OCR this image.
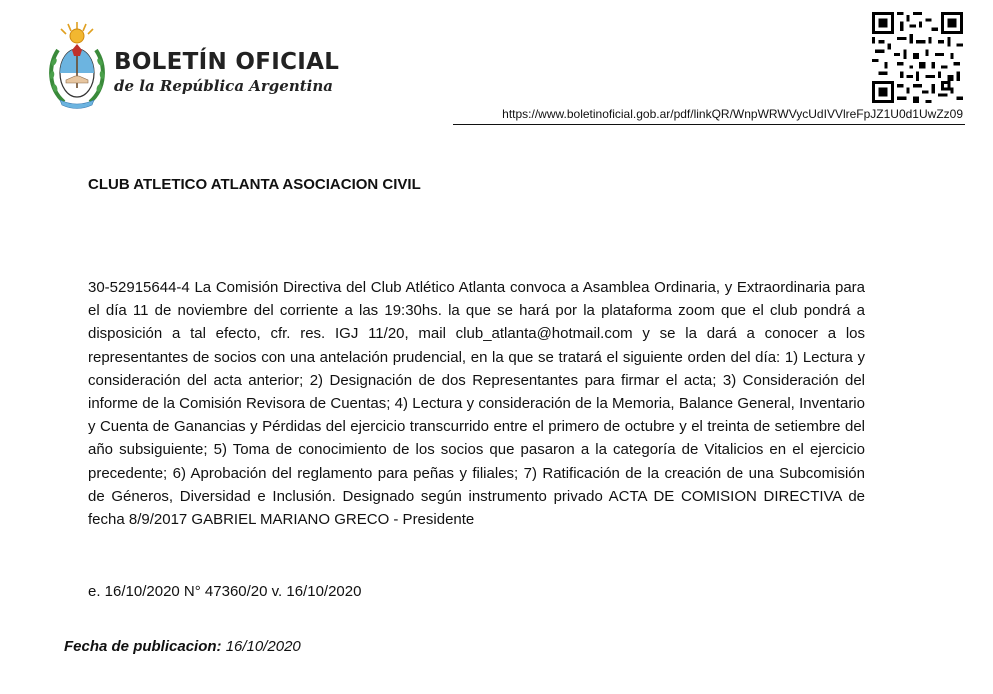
BOLETÍN OFICIAL
de la República Argentina
https://www.boletinoficial.gob.ar/pdf/linkQR/WnpWRWVycUdIVVlreFpJZ1U0d1UwZz09
CLUB ATLETICO ATLANTA ASOCIACION CIVIL

30-52915644-4 La Comisión Directiva del Club Atlético Atlanta convoca a Asamblea Ordinaria, y Extraordinaria para el día 11 de noviembre del corriente a las 19:30hs. la que se hará por la plataforma zoom que el club pondrá a disposición a tal efecto, cfr. res. IGJ 11/20, mail club_atlanta@hotmail.com y se la dará a conocer a los representantes de socios con una antelación prudencial, en la que se tratará el siguiente orden del día: 1) Lectura y consideración del acta anterior; 2) Designación de dos Representantes para firmar el acta; 3) Consideración del informe de la Comisión Revisora de Cuentas; 4) Lectura y consideración de la Memoria, Balance General, Inventario y Cuenta de Ganancias y Pérdidas del ejercicio transcurrido entre el primero de octubre y el treinta de setiembre del año subsiguiente; 5) Toma de conocimiento de los socios que pasaron a la categoría de Vitalicios en el ejercicio precedente; 6) Aprobación del reglamento para peñas y filiales; 7) Ratificación de la creación de una Subcomisión de Géneros, Diversidad e Inclusión. Designado según instrumento privado ACTA DE COMISION DIRECTIVA de fecha 8/9/2017 GABRIEL MARIANO GRECO - Presidente

e. 16/10/2020 N° 47360/20 v. 16/10/2020
Fecha de publicacion: 16/10/2020
